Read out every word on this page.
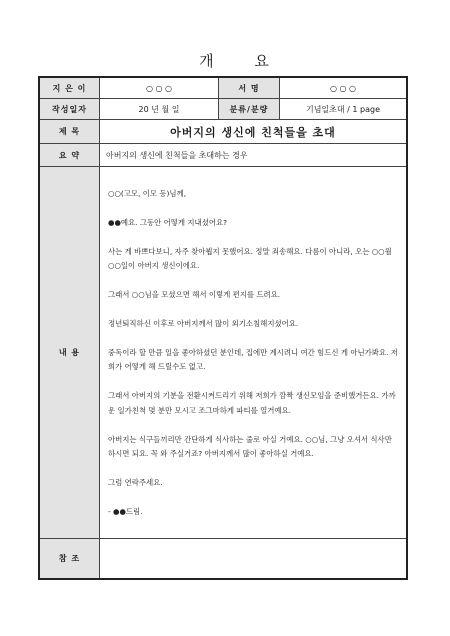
개 요
지 은 이	○ ○ ○	서 명	○ ○ ○
작성일자	20 년 월 일	분류/분량	기념일초대 / 1 page
제 목	아버지의 생신에 친척들을 초대
요 약	아버지의 생신에 친척들을 초대하는 경우
내 용

○○(고모, 이모 등)님께,

●●예요. 그동안 어떻게 지내셨어요?

사는 게 바쁘다보니, 자주 찾아뵙지 못했어요. 정말 죄송해요. 다름이 아니라, 오는 ○○월 ○○일이 아버지 생신이에요.

그래서 ○○님을 모셨으면 해서 이렇게 편지를 드려요.

정년퇴직하신 이후로 아버지께서 많이 외기소침해지셨어요.

중독이라 할 만큼 일을 좋아하셨던 분인데, 집에만 계시려니 여간 힘드신 게 아닌가봐요. 저희가 어떻게 해 드릴수도 없고.

그래서 아버지의 기분을 전환시켜드리기 위해 저희가 깜짝 생신모임을 준비했거든요. 가까운 일가친척 몇 분만 모시고 조그마하게 파티를 열거예요.

아버지는 식구들끼리만 간단하게 식사하는 줄로 아실 거예요. ○○님, 그냥 오셔서 식사만 하시면 되요. 꼭 와 주실거죠? 아버지께서 많이 좋아하실 거예요.

그럼 연락주세요.

- ●●드림.

참 조
